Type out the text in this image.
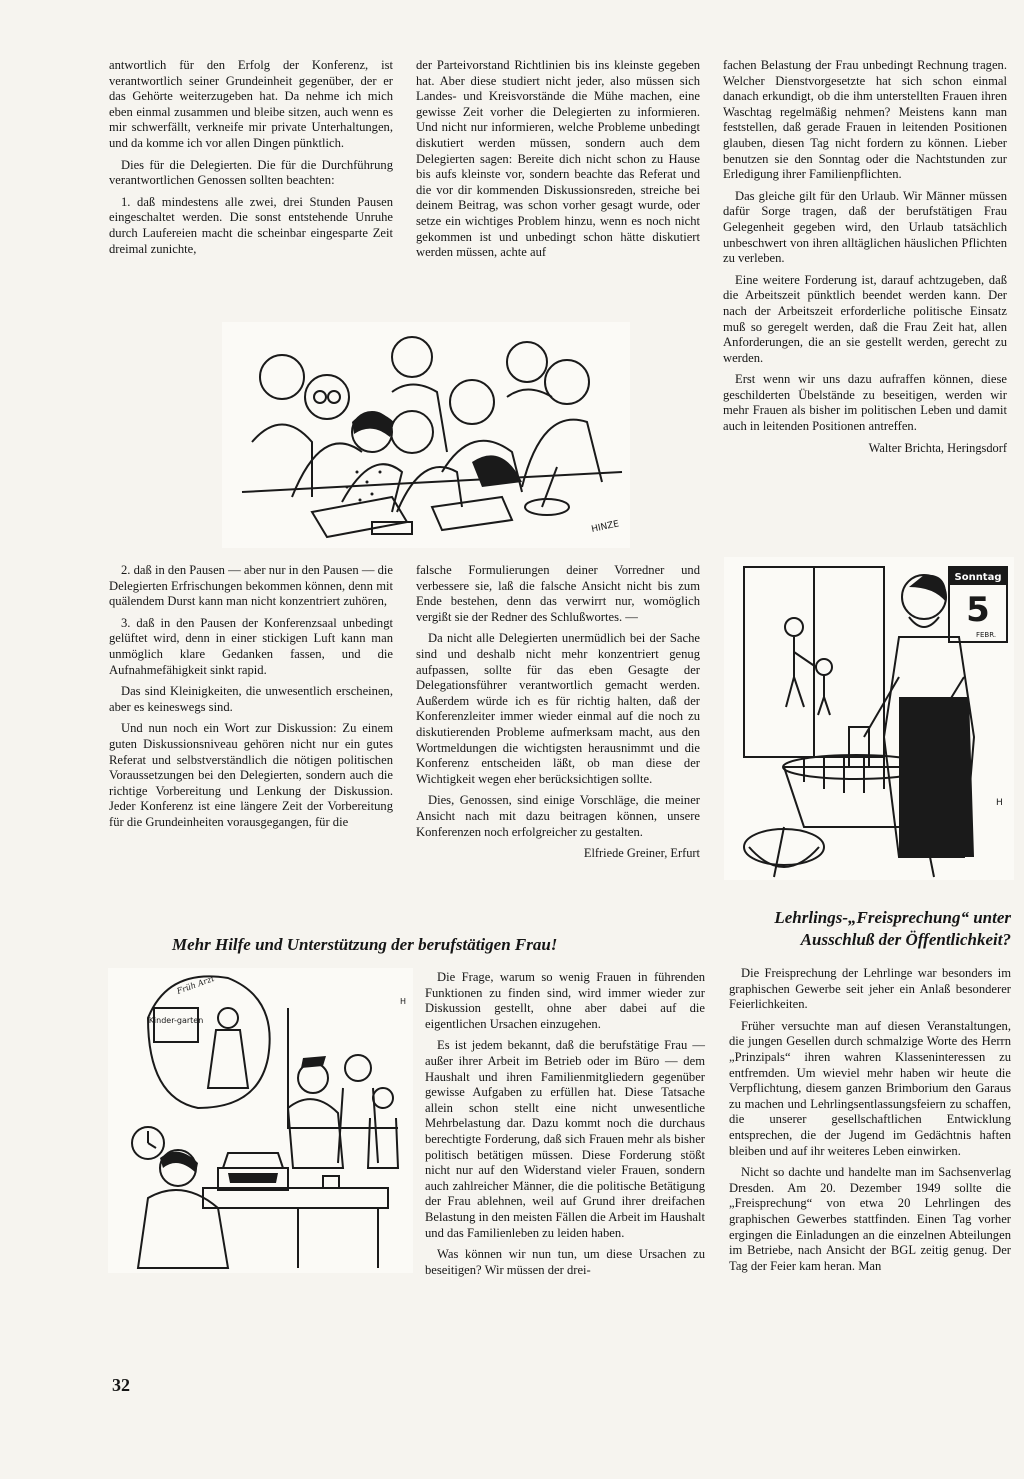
antwortlich für den Erfolg der Konferenz, ist verantwortlich seiner Grundeinheit gegenüber, der er das Gehörte weiterzugeben hat. Da nehme ich mich eben einmal zusammen und bleibe sitzen, auch wenn es mir schwerfällt, verkneife mir private Unterhaltungen, und da komme ich vor allen Dingen pünktlich.

Dies für die Delegierten. Die für die Durchführung verantwortlichen Genossen sollten beachten:

1. daß mindestens alle zwei, drei Stunden Pausen eingeschaltet werden. Die sonst entstehende Unruhe durch Laufereien macht die scheinbar eingesparte Zeit dreimal zunichte,

der Parteivorstand Richtlinien bis ins kleinste gegeben hat. Aber diese studiert nicht jeder, also müssen sich Landes- und Kreisvorstände die Mühe machen, eine gewisse Zeit vorher die Delegierten zu informieren. Und nicht nur informieren, welche Probleme unbedingt diskutiert werden müssen, sondern auch dem Delegierten sagen: Bereite dich nicht schon zu Hause bis aufs kleinste vor, sondern beachte das Referat und die vor dir kommenden Diskussionsreden, streiche bei deinem Beitrag, was schon vorher gesagt wurde, oder setze ein wichtiges Problem hinzu, wenn es noch nicht gekommen ist und unbedingt schon hätte diskutiert werden müssen, achte auf

fachen Belastung der Frau unbedingt Rechnung tragen. Welcher Dienstvorgesetzte hat sich schon einmal danach erkundigt, ob die ihm unterstellten Frauen ihren Waschtag regelmäßig nehmen? Meistens kann man feststellen, daß gerade Frauen in leitenden Positionen glauben, diesen Tag nicht fordern zu können. Lieber benutzen sie den Sonntag oder die Nachtstunden zur Erledigung ihrer Familienpflichten.

Das gleiche gilt für den Urlaub. Wir Männer müssen dafür Sorge tragen, daß der berufstätigen Frau Gelegenheit gegeben wird, den Urlaub tatsächlich unbeschwert von ihren alltäglichen häuslichen Pflichten zu verleben.

Eine weitere Forderung ist, darauf achtzugeben, daß die Arbeitszeit pünktlich beendet werden kann. Der nach der Arbeitszeit erforderliche politische Einsatz muß so geregelt werden, daß die Frau Zeit hat, allen Anforderungen, die an sie gestellt werden, gerecht zu werden.

Erst wenn wir uns dazu aufraffen können, diese geschilderten Übelstände zu beseitigen, werden wir mehr Frauen als bisher im politischen Leben und damit auch in leitenden Positionen antreffen.

Walter Brichta, Heringsdorf
HINZE

2. daß in den Pausen — aber nur in den Pausen — die Delegierten Erfrischungen bekommen können, denn mit quälendem Durst kann man nicht konzentriert zuhören,

3. daß in den Pausen der Konferenzsaal unbedingt gelüftet wird, denn in einer stickigen Luft kann man unmöglich klare Gedanken fassen, und die Aufnahmefähigkeit sinkt rapid.

Das sind Kleinigkeiten, die unwesentlich erscheinen, aber es keineswegs sind.

Und nun noch ein Wort zur Diskussion: Zu einem guten Diskussionsniveau gehören nicht nur ein gutes Referat und selbstverständlich die nötigen politischen Voraussetzungen bei den Delegierten, sondern auch die richtige Vorbereitung und Lenkung der Diskussion. Jeder Konferenz ist eine längere Zeit der Vorbereitung für die Grundeinheiten vorausgegangen, für die

falsche Formulierungen deiner Vorredner und verbessere sie, laß die falsche Ansicht nicht bis zum Ende bestehen, denn das verwirrt nur, womöglich vergißt sie der Redner des Schlußwortes. —

Da nicht alle Delegierten unermüdlich bei der Sache sind und deshalb nicht mehr konzentriert genug aufpassen, sollte für das eben Gesagte der Delegationsführer verantwortlich gemacht werden. Außerdem würde ich es für richtig halten, daß der Konferenzleiter immer wieder einmal auf die noch zu diskutierenden Probleme aufmerksam macht, aus den Wortmeldungen die wichtigsten herausnimmt und die Konferenz entscheiden läßt, ob man diese der Wichtigkeit wegen eher berücksichtigen sollte.

Dies, Genossen, sind einige Vorschläge, die meiner Ansicht nach mit dazu beitragen können, unsere Konferenzen noch erfolgreicher zu gestalten.

Elfriede Greiner, Erfurt
Sonntag
5
FEBR.
H
Mehr Hilfe und Unterstützung der berufstätigen Frau!
Kinder-garten
Früh Arzt
H

Die Frage, warum so wenig Frauen in führenden Funktionen zu finden sind, wird immer wieder zur Diskussion gestellt, ohne aber dabei auf die eigentlichen Ursachen einzugehen.

Es ist jedem bekannt, daß die berufstätige Frau — außer ihrer Arbeit im Betrieb oder im Büro — dem Haushalt und ihren Familienmitgliedern gegenüber gewisse Aufgaben zu erfüllen hat. Diese Tatsache allein schon stellt eine nicht unwesentliche Mehrbelastung dar. Dazu kommt noch die durchaus berechtigte Forderung, daß sich Frauen mehr als bisher politisch betätigen müssen. Diese Forderung stößt nicht nur auf den Widerstand vieler Frauen, sondern auch zahlreicher Männer, die die politische Betätigung der Frau ablehnen, weil auf Grund ihrer dreifachen Belastung in den meisten Fällen die Arbeit im Haushalt und das Familienleben zu leiden haben.

Was können wir nun tun, um diese Ursachen zu beseitigen? Wir müssen der drei-

Lehrlings-„Freisprechung“ unter Ausschluß der Öffentlichkeit?

Die Freisprechung der Lehrlinge war besonders im graphischen Gewerbe seit jeher ein Anlaß besonderer Feierlichkeiten.

Früher versuchte man auf diesen Veranstaltungen, die jungen Gesellen durch schmalzige Worte des Herrn „Prinzipals“ ihren wahren Klasseninteressen zu entfremden. Um wieviel mehr haben wir heute die Verpflichtung, diesem ganzen Brimborium den Garaus zu machen und Lehrlingsentlassungsfeiern zu schaffen, die unserer gesellschaftlichen Entwicklung entsprechen, die der Jugend im Gedächtnis haften bleiben und auf ihr weiteres Leben einwirken.

Nicht so dachte und handelte man im Sachsenverlag Dresden. Am 20. Dezember 1949 sollte die „Freisprechung“ von etwa 20 Lehrlingen des graphischen Gewerbes stattfinden. Einen Tag vorher ergingen die Einladungen an die einzelnen Abteilungen im Betriebe, nach Ansicht der BGL zeitig genug. Der Tag der Feier kam heran. Man

32
